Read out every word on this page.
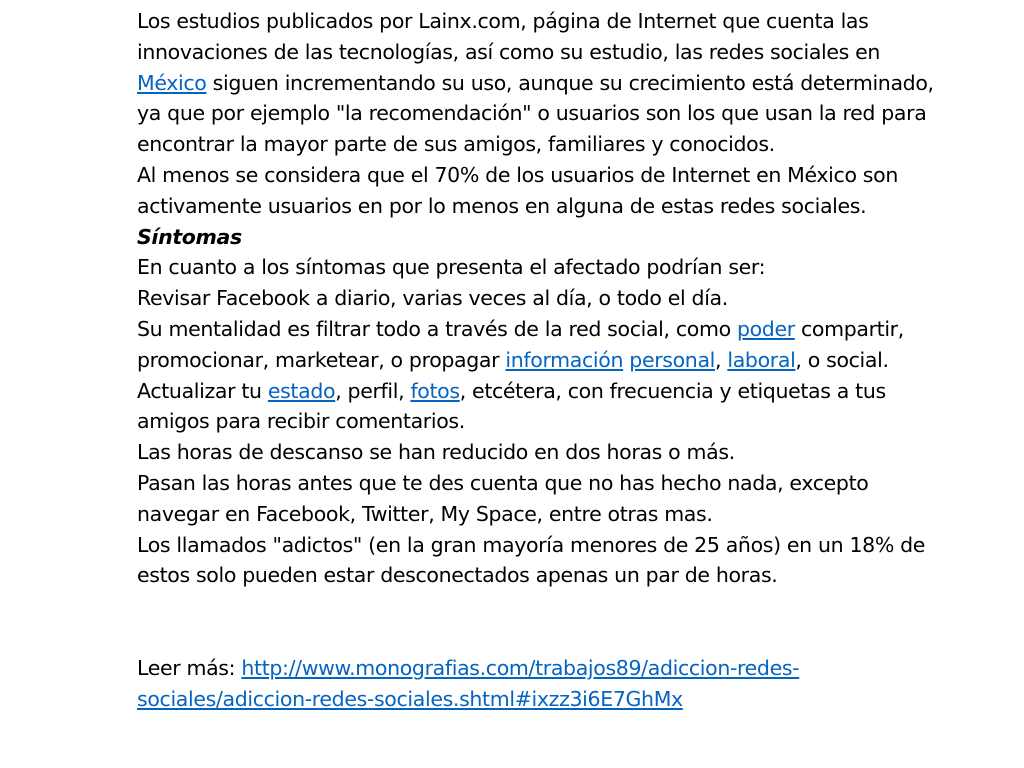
Los estudios publicados por Lainx.com, página de Internet que cuenta las innovaciones de las tecnologías, así como su estudio, las redes sociales en México siguen incrementando su uso, aunque su crecimiento está determinado, ya que por ejemplo "la recomendación" o usuarios son los que usan la red para encontrar la mayor parte de sus amigos, familiares y conocidos.

Al menos se considera que el 70% de los usuarios de Internet en México son activamente usuarios en por lo menos en alguna de estas redes sociales.

Síntomas

En cuanto a los síntomas que presenta el afectado podrían ser:

Revisar Facebook a diario, varias veces al día, o todo el día.

Su mentalidad es filtrar todo a través de la red social, como poder compartir, promocionar, marketear, o propagar información personal, laboral, o social.

Actualizar tu estado, perfil, fotos, etcétera, con frecuencia y etiquetas a tus amigos para recibir comentarios.

Las horas de descanso se han reducido en dos horas o más.

Pasan las horas antes que te des cuenta que no has hecho nada, excepto navegar en Facebook, Twitter, My Space, entre otras mas.

Los llamados "adictos" (en la gran mayoría menores de 25 años) en un 18% de estos solo pueden estar desconectados apenas un par de horas.

Leer más: http://www.monografias.com/trabajos89/adiccion-redes-sociales/adiccion-redes-sociales.shtml#ixzz3i6E7GhMx
